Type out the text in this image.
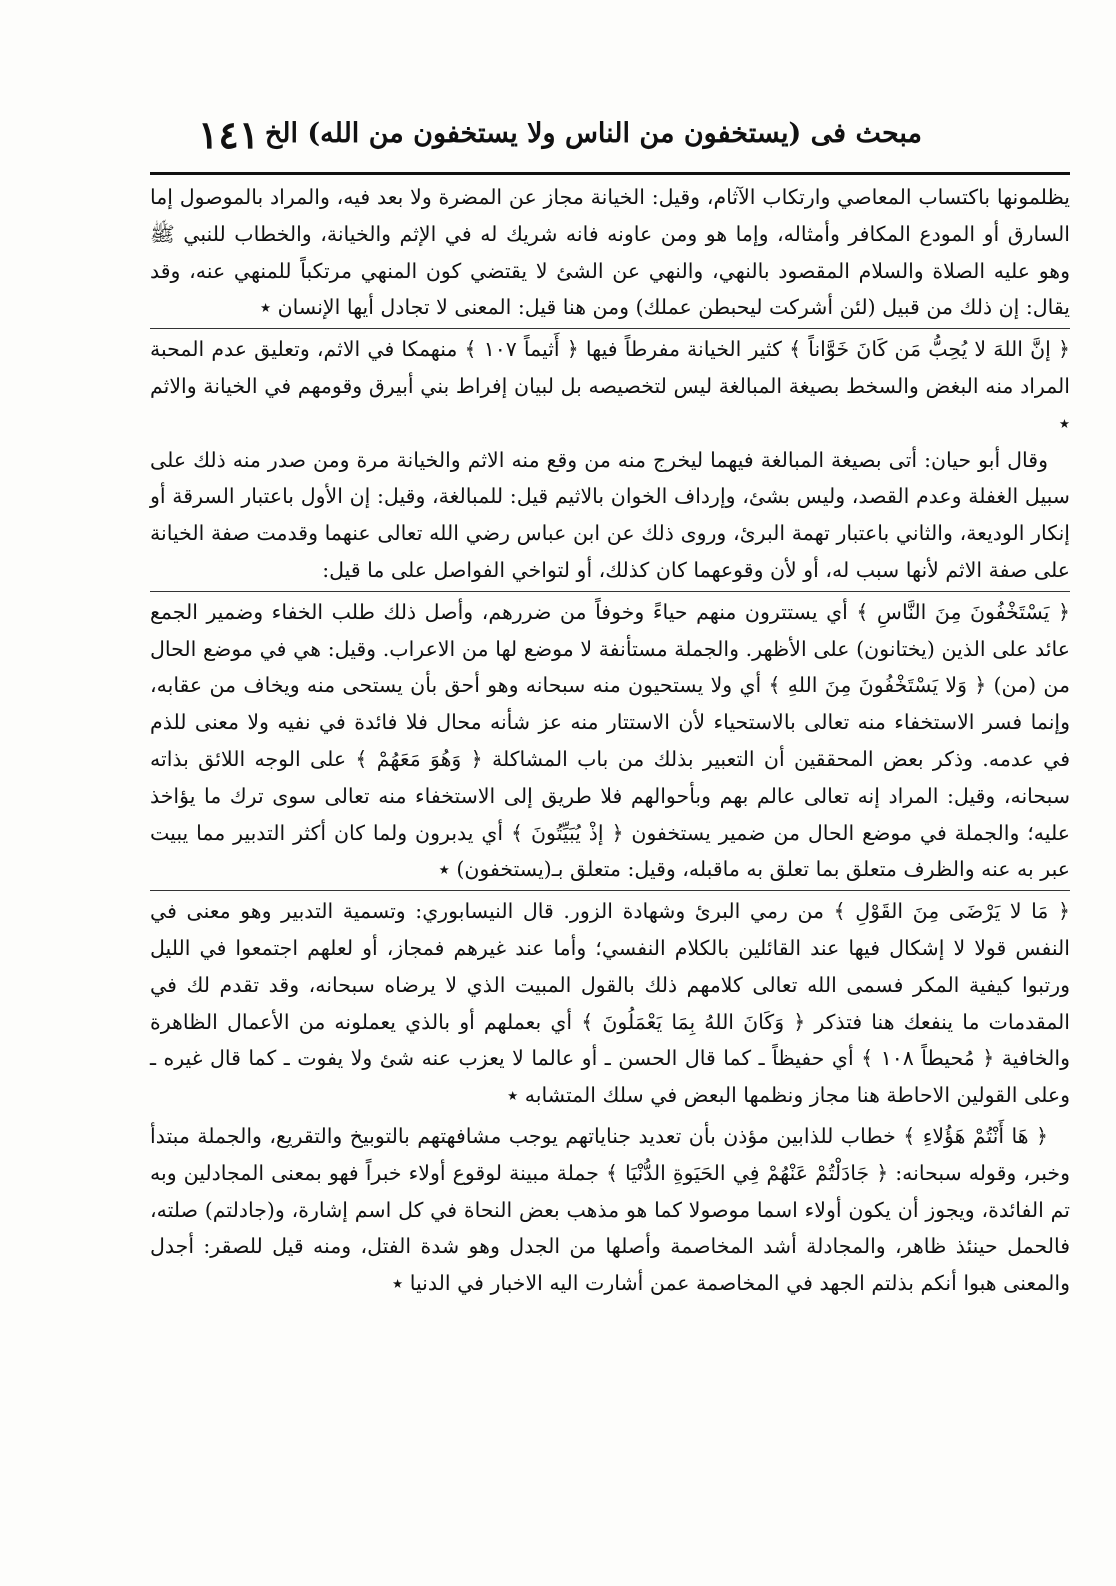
مبحث فى (يستخفون من الناس ولا يستخفون من الله) الخ
١٤١

يظلمونها باكتساب المعاصي وارتكاب الآثام، وقيل: الخيانة مجاز عن المضرة ولا بعد فيه، والمراد بالموصول إما السارق أو المودع المكافر وأمثاله، وإما هو ومن عاونه فانه شريك له في الإثم والخيانة، والخطاب للنبي ﷺ وهو عليه الصلاة والسلام المقصود بالنهي، والنهي عن الشئ لا يقتضي كون المنهي مرتكباً للمنهي عنه، وقد يقال: إن ذلك من قبيل (لئن أشركت ليحبطن عملك) ومن هنا قيل: المعنى لا تجادل أيها الإنسان ٭

﴿ إنَّ اللهَ لا يُحِبُّ مَن كَانَ خَوَّاناً ﴾ كثير الخيانة مفرطاً فيها ﴿ أَثيماً ١٠٧ ﴾ منهمكا في الاثم، وتعليق عدم المحبة المراد منه البغض والسخط بصيغة المبالغة ليس لتخصيصه بل لبيان إفراط بني أبيرق وقومهم في الخيانة والاثم ٭

وقال أبو حيان: أتى بصيغة المبالغة فيهما ليخرج منه من وقع منه الاثم والخيانة مرة ومن صدر منه ذلك على سبيل الغفلة وعدم القصد، وليس بشئ، وإرداف الخوان بالاثيم قيل: للمبالغة، وقيل: إن الأول باعتبار السرقة أو إنكار الوديعة، والثاني باعتبار تهمة البرئ، وروى ذلك عن ابن عباس رضي الله تعالى عنهما وقدمت صفة الخيانة على صفة الاثم لأنها سبب له، أو لأن وقوعهما كان كذلك، أو لتواخي الفواصل على ما قيل:

﴿ يَسْتَخْفُونَ مِنَ النَّاسِ ﴾ أي يستترون منهم حياءً وخوفاً من ضررهم، وأصل ذلك طلب الخفاء وضمير الجمع عائد على الذين (يختانون) على الأظهر. والجملة مستأنفة لا موضع لها من الاعراب. وقيل: هي في موضع الحال من (من) ﴿ وَلا يَسْتَخْفُونَ مِنَ اللهِ ﴾ أي ولا يستحيون منه سبحانه وهو أحق بأن يستحى منه ويخاف من عقابه، وإنما فسر الاستخفاء منه تعالى بالاستحياء لأن الاستتار منه عز شأنه محال فلا فائدة في نفيه ولا معنى للذم في عدمه. وذكر بعض المحققين أن التعبير بذلك من باب المشاكلة ﴿ وَهُوَ مَعَهُمْ ﴾ على الوجه اللائق بذاته سبحانه، وقيل: المراد إنه تعالى عالم بهم وبأحوالهم فلا طريق إلى الاستخفاء منه تعالى سوى ترك ما يؤاخذ عليه؛ والجملة في موضع الحال من ضمير يستخفون ﴿ إذْ يُبَيِّتُونَ ﴾ أي يدبرون ولما كان أكثر التدبير مما يبيت عبر به عنه والظرف متعلق بما تعلق به ماقبله، وقيل: متعلق بـ(يستخفون) ٭

﴿ مَا لا يَرْضَى مِنَ القَوْلِ ﴾ من رمي البرئ وشهادة الزور. قال النيسابوري: وتسمية التدبير وهو معنى في النفس قولا لا إشكال فيها عند القائلين بالكلام النفسي؛ وأما عند غيرهم فمجاز، أو لعلهم اجتمعوا في الليل ورتبوا كيفية المكر فسمى الله تعالى كلامهم ذلك بالقول المبيت الذي لا يرضاه سبحانه، وقد تقدم لك في المقدمات ما ينفعك هنا فتذكر ﴿ وَكَانَ اللهُ بِمَا يَعْمَلُونَ ﴾ أي بعملهم أو بالذي يعملونه من الأعمال الظاهرة والخافية ﴿ مُحيطاً ١٠٨ ﴾ أي حفيظاً ـ كما قال الحسن ـ أو عالما لا يعزب عنه شئ ولا يفوت ـ كما قال غيره ـ وعلى القولين الاحاطة هنا مجاز ونظمها البعض في سلك المتشابه ٭

﴿ هَا أَنْتُمْ هَؤُلاءِ ﴾ خطاب للذابين مؤذن بأن تعديد جناياتهم يوجب مشافهتهم بالتوبيخ والتقريع، والجملة مبتدأ وخبر، وقوله سبحانه: ﴿ جَادَلْتُمْ عَنْهُمْ فِي الحَيَوةِ الدُّنْيَا ﴾ جملة مبينة لوقوع أولاء خبراً فهو بمعنى المجادلين وبه تم الفائدة، ويجوز أن يكون أولاء اسما موصولا كما هو مذهب بعض النحاة في كل اسم إشارة، و(جادلتم) صلته، فالحمل حينئذ ظاهر، والمجادلة أشد المخاصمة وأصلها من الجدل وهو شدة الفتل، ومنه قيل للصقر: أجدل والمعنى هبوا أنكم بذلتم الجهد في المخاصمة عمن أشارت اليه الاخبار في الدنيا ٭
